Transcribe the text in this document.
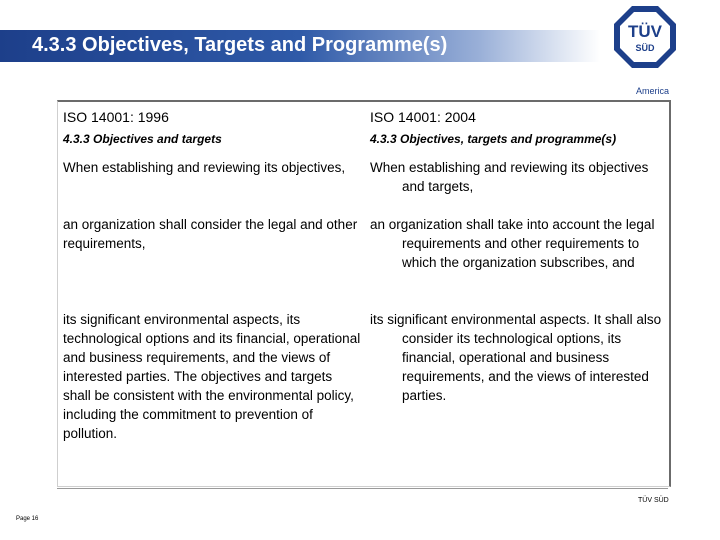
4.3.3 Objectives, Targets and Programme(s)
TÜV
SÜD
America
ISO 14001: 1996
4.3.3 Objectives and targets

When establishing and reviewing its objectives,

an organization shall consider the legal and other requirements,

its significant environmental aspects, its technological options and its financial, operational and business requirements, and the views of interested parties. The objectives and targets shall be consistent with the environmental policy, including the commitment to prevention of pollution.

ISO 14001: 2004
4.3.3 Objectives, targets and programme(s)

When establishing and reviewing its objectives and targets,

an organization shall take into account the legal requirements and other requirements to which the organization subscribes, and

its significant environmental aspects. It shall also consider its technological options, its financial, operational and business requirements, and the views of interested parties.

TÜV SÜD
Page 16
